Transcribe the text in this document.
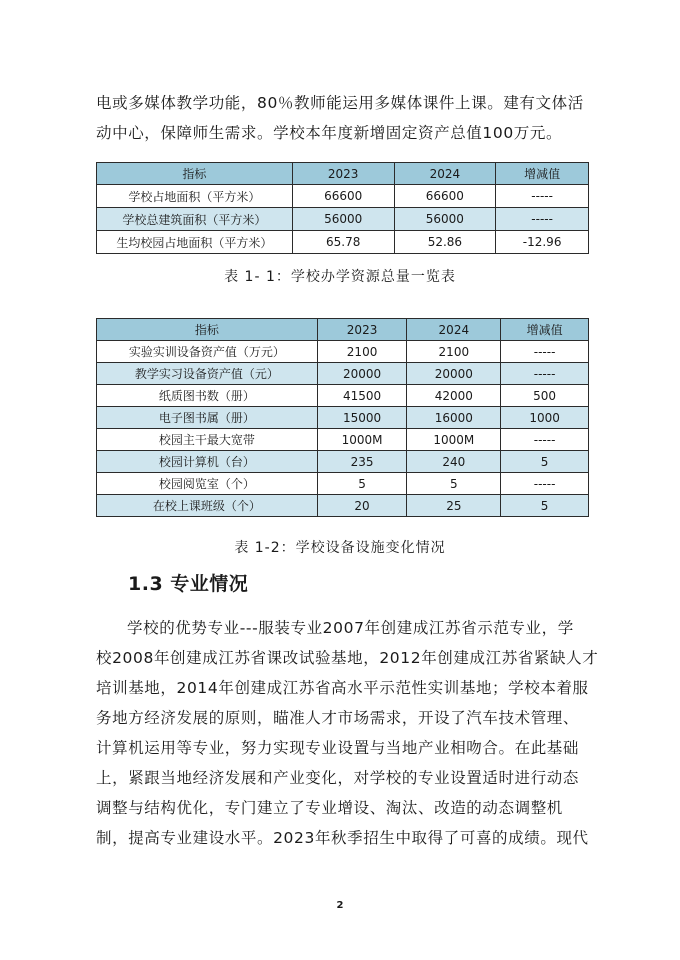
电或多媒体教学功能，80％教师能运用多媒体课件上课。建有文体活
动中心，保障师生需求。学校本年度新增固定资产总值100万元。
指标	2023	2024	增减值
学校占地面积（平方米）	66600	66600	-----
学校总建筑面积（平方米）	56000	56000	-----
生均校园占地面积（平方米）	65.78	52.86	-12.96
表 1- 1：学校办学资源总量一览表
指标	2023	2024	增减值
实验实训设备资产值（万元）	2100	2100	-----
教学实习设备资产值（元）	20000	20000	-----
纸质图书数（册）	41500	42000	500
电子图书属（册）	15000	16000	1000
校园主干最大宽带	1000M	1000M	-----
校园计算机（台）	235	240	5
校园阅览室（个）	5	5	-----
在校上课班级（个）	20	25	5
表 1-2：学校设备设施变化情况
1.3 专业情况
学校的优势专业---服装专业2007年创建成江苏省示范专业，学
校2008年创建成江苏省课改试验基地，2012年创建成江苏省紧缺人才
培训基地，2014年创建成江苏省高水平示范性实训基地；学校本着服
务地方经济发展的原则，瞄准人才市场需求，开设了汽车技术管理、
计算机运用等专业，努力实现专业设置与当地产业相吻合。在此基础
上，紧跟当地经济发展和产业变化，对学校的专业设置适时进行动态
调整与结构优化，专门建立了专业增设、淘汰、改造的动态调整机
制，提高专业建设水平。2023年秋季招生中取得了可喜的成绩。现代
2
